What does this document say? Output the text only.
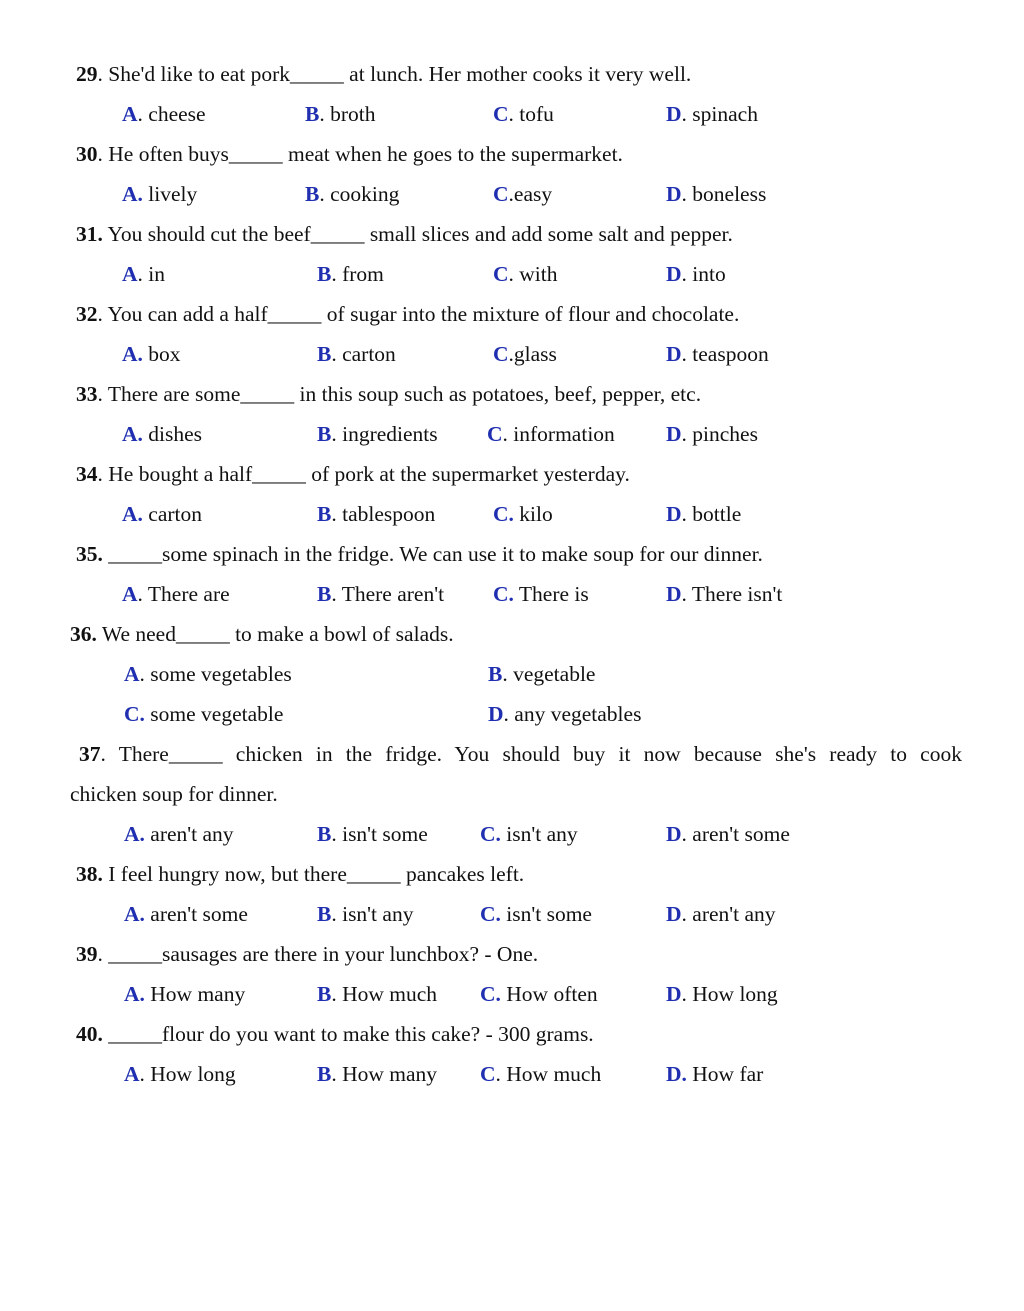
29. She'd like to eat pork_____ at lunch. Her mother cooks it very well.
A. cheese	B. broth	C. tofu	D. spinach
30. He often buys_____ meat when he goes to the supermarket.
A. lively	B. cooking	C.easy	D. boneless
31. You should cut the beef_____ small slices and add some salt and pepper.
A. in	B. from	C. with	D. into
32. You can add a half_____ of sugar into the mixture of flour and chocolate.
A. box	B. carton	C.glass	D. teaspoon
33. There are some_____ in this soup such as potatoes, beef, pepper, etc.
A. dishes	B. ingredients C. information D. pinches
34. He bought a half_____ of pork at the supermarket yesterday.
A. carton	B. tablespoon	C. kilo	D. bottle
35. _____some spinach in the fridge. We can use it to make soup for our dinner.
A. There are	B. There aren't C. There is	D. There isn't
36. We need_____ to make a bowl of salads.
A. some vegetables	B. vegetable
C. some vegetable	D. any vegetables
37. There_____ chicken in the fridge. You should buy it now because she's ready to cook
chicken soup for dinner.
A. aren't any	B. isn't some C. isn't any	D. aren't some
38. I feel hungry now, but there_____ pancakes left.
A. aren't some	B. isn't any	C. isn't some	D. aren't any
39. _____sausages are there in your lunchbox? - One.
A. How many	B. How much C. How often	D. How long
40. _____flour do you want to make this cake? - 300 grams.
A. How long	B. How many C. How much	D. How far
